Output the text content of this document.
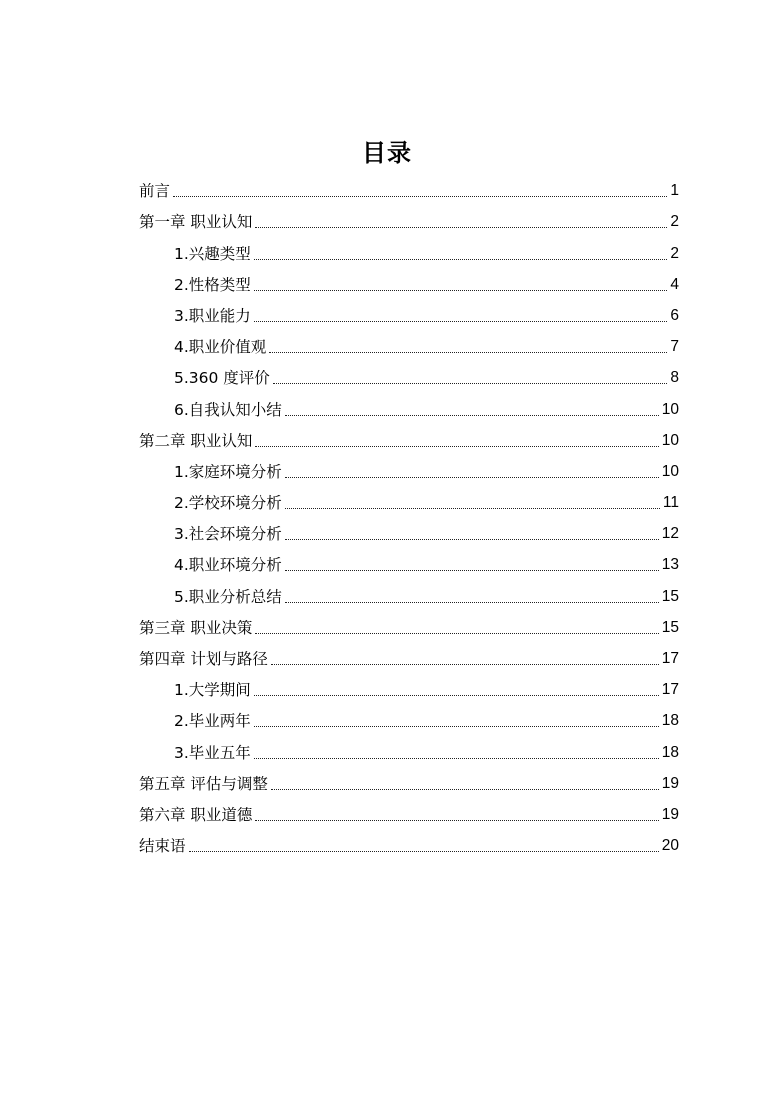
目录
前言	1
第一章 职业认知	2
1.兴趣类型	2
2.性格类型	4
3.职业能力	6
4.职业价值观	7
5.360 度评价	8
6.自我认知小结	10
第二章 职业认知	10
1.家庭环境分析	10
2.学校环境分析	11
3.社会环境分析	12
4.职业环境分析	13
5.职业分析总结	15
第三章 职业决策	15
第四章 计划与路径	17
1.大学期间	17
2.毕业两年	18
3.毕业五年	18
第五章 评估与调整	19
第六章 职业道德	19
结束语	20
